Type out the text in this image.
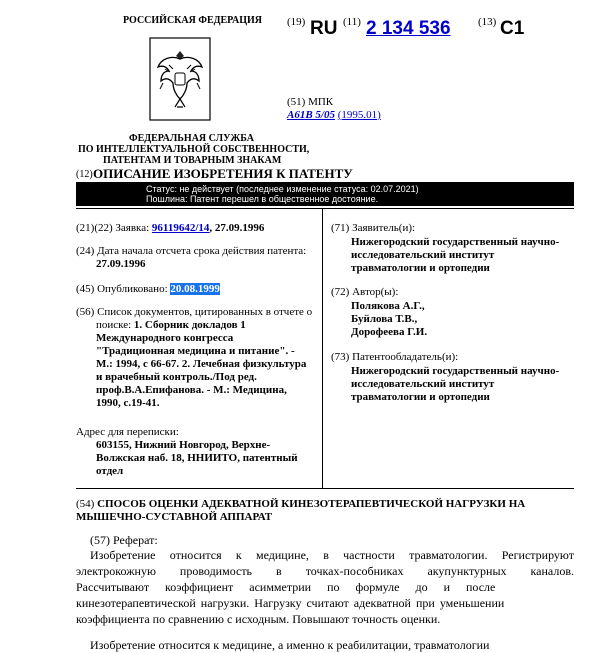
РОССИЙСКАЯ ФЕДЕРАЦИЯ
ФЕДЕРАЛЬНАЯ СЛУЖБА
ПО ИНТЕЛЛЕКТУАЛЬНОЙ СОБСТВЕННОСТИ,
ПАТЕНТАМ И ТОВАРНЫМ ЗНАКАМ
(19) RU (11) 2 134 536 (13) C1
(51) МПК
A61B 5/05 (1995.01)
(12) ОПИСАНИЕ ИЗОБРЕТЕНИЯ К ПАТЕНТУ
Статус: не действует (последнее изменение статуса: 02.07.2021)
Пошлина: Патент перешел в общественное достояние.
(21)(22) Заявка: 96119642/14, 27.09.1996
(24) Дата начала отсчета срока действия патента:
27.09.1996
(45) Опубликовано: 20.08.1999
(56) Список документов, цитированных в отчете о
поиске: 1. Сборник докладов 1
Международного конгресса
"Традиционная медицина и питание". -
М.: 1994, с 66-67. 2. Лечебная физкультура
и врачебный контроль./Под ред.
проф.В.А.Епифанова. - М.: Медицина,
1990, с.19-41.
Адрес для переписки:
603155, Нижний Новгород, Верхне-
Волжская наб. 18, ННИИТО, патентный
отдел
(71) Заявитель(и):
Нижегородский государственный научно-
исследовательский институт
травматологии и ортопедии
(72) Автор(ы):
Полякова А.Г.,
Буйлова Т.В.,
Дорофеева Г.И.
(73) Патентообладатель(и):
Нижегородский государственный научно-
исследовательский институт
травматологии и ортопедии
(54) СПОСОБ ОЦЕНКИ АДЕКВАТНОЙ КИНЕЗОТЕРАПЕВТИЧЕСКОЙ НАГРУЗКИ НА
МЫШЕЧНО-СУСТАВНОЙ АППАРАТ
(57) Реферат:
Изобретение относится к медицине, в частности травматологии. Регистрируют
электрокожную проводимость в точках-пособниках акупунктурных каналов.
Рассчитывают коэффициент асимметрии по формуле до и после
кинезотерапевтической нагрузки. Нагрузку считают адекватной при уменьшении
коэффициента по сравнению с исходным. Повышают точность оценки.
Изобретение относится к медицине, а именно к реабилитации, травматологии
